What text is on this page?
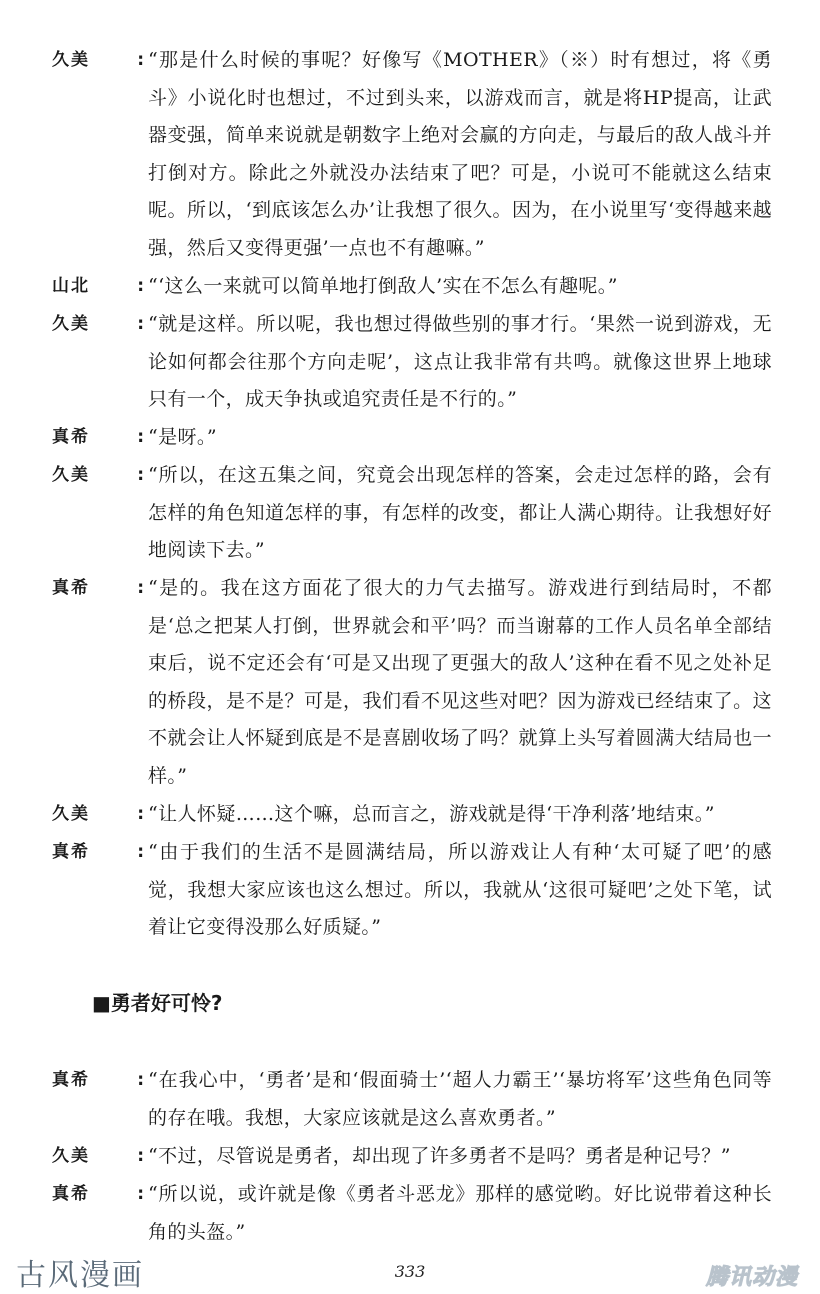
久 美	: “那是什么时候的事呢？好像写《MOTHER》（※）时有想过，将《勇斗》小说化时也想过，不过到头来，以游戏而言，就是将HP提高，让武器变强，简单来说就是朝数字上绝对会赢的方向走，与最后的敌人战斗并打倒对方。除此之外就没办法结束了吧？可是，小说可不能就这么结束呢。所以，‘到底该怎么办’让我想了很久。因为，在小说里写‘变得越来越强，然后又变得更强’一点也不有趣嘛。”
山 北	: “‘这么一来就可以简单地打倒敌人’实在不怎么有趣呢。”
久 美	: “就是这样。所以呢，我也想过得做些别的事才行。‘果然一说到游戏，无论如何都会往那个方向走呢’，这点让我非常有共鸣。就像这世界上地球只有一个，成天争执或追究责任是不行的。”
真 希	: “是呀。”
久 美	: “所以，在这五集之间，究竟会出现怎样的答案，会走过怎样的路，会有怎样的角色知道怎样的事，有怎样的改变，都让人满心期待。让我想好好地阅读下去。”
真 希	: “是的。我在这方面花了很大的力气去描写。游戏进行到结局时，不都是‘总之把某人打倒，世界就会和平’吗？而当谢幕的工作人员名单全部结束后，说不定还会有‘可是又出现了更强大的敌人’这种在看不见之处补足的桥段，是不是？可是，我们看不见这些对吧？因为游戏已经结束了。这不就会让人怀疑到底是不是喜剧收场了吗？就算上头写着圆满大结局也一样。”
久 美	: “让人怀疑……这个嘛，总而言之，游戏就是得‘干净利落’地结束。”
真 希	: “由于我们的生活不是圆满结局，所以游戏让人有种‘太可疑了吧’的感觉，我想大家应该也这么想过。所以，我就从‘这很可疑吧’之处下笔，试着让它变得没那么好质疑。”
■勇者好可怜?
真 希	: “在我心中，‘勇者’是和‘假面骑士’‘超人力霸王’‘暴坊将军’这些角色同等的存在哦。我想，大家应该就是这么喜欢勇者。”
久 美	: “不过，尽管说是勇者，却出现了许多勇者不是吗？勇者是种记号？”
真 希	: “所以说，或许就是像《勇者斗恶龙》那样的感觉哟。好比说带着这种长角的头盔。”
古风漫画	333	腾讯动漫
